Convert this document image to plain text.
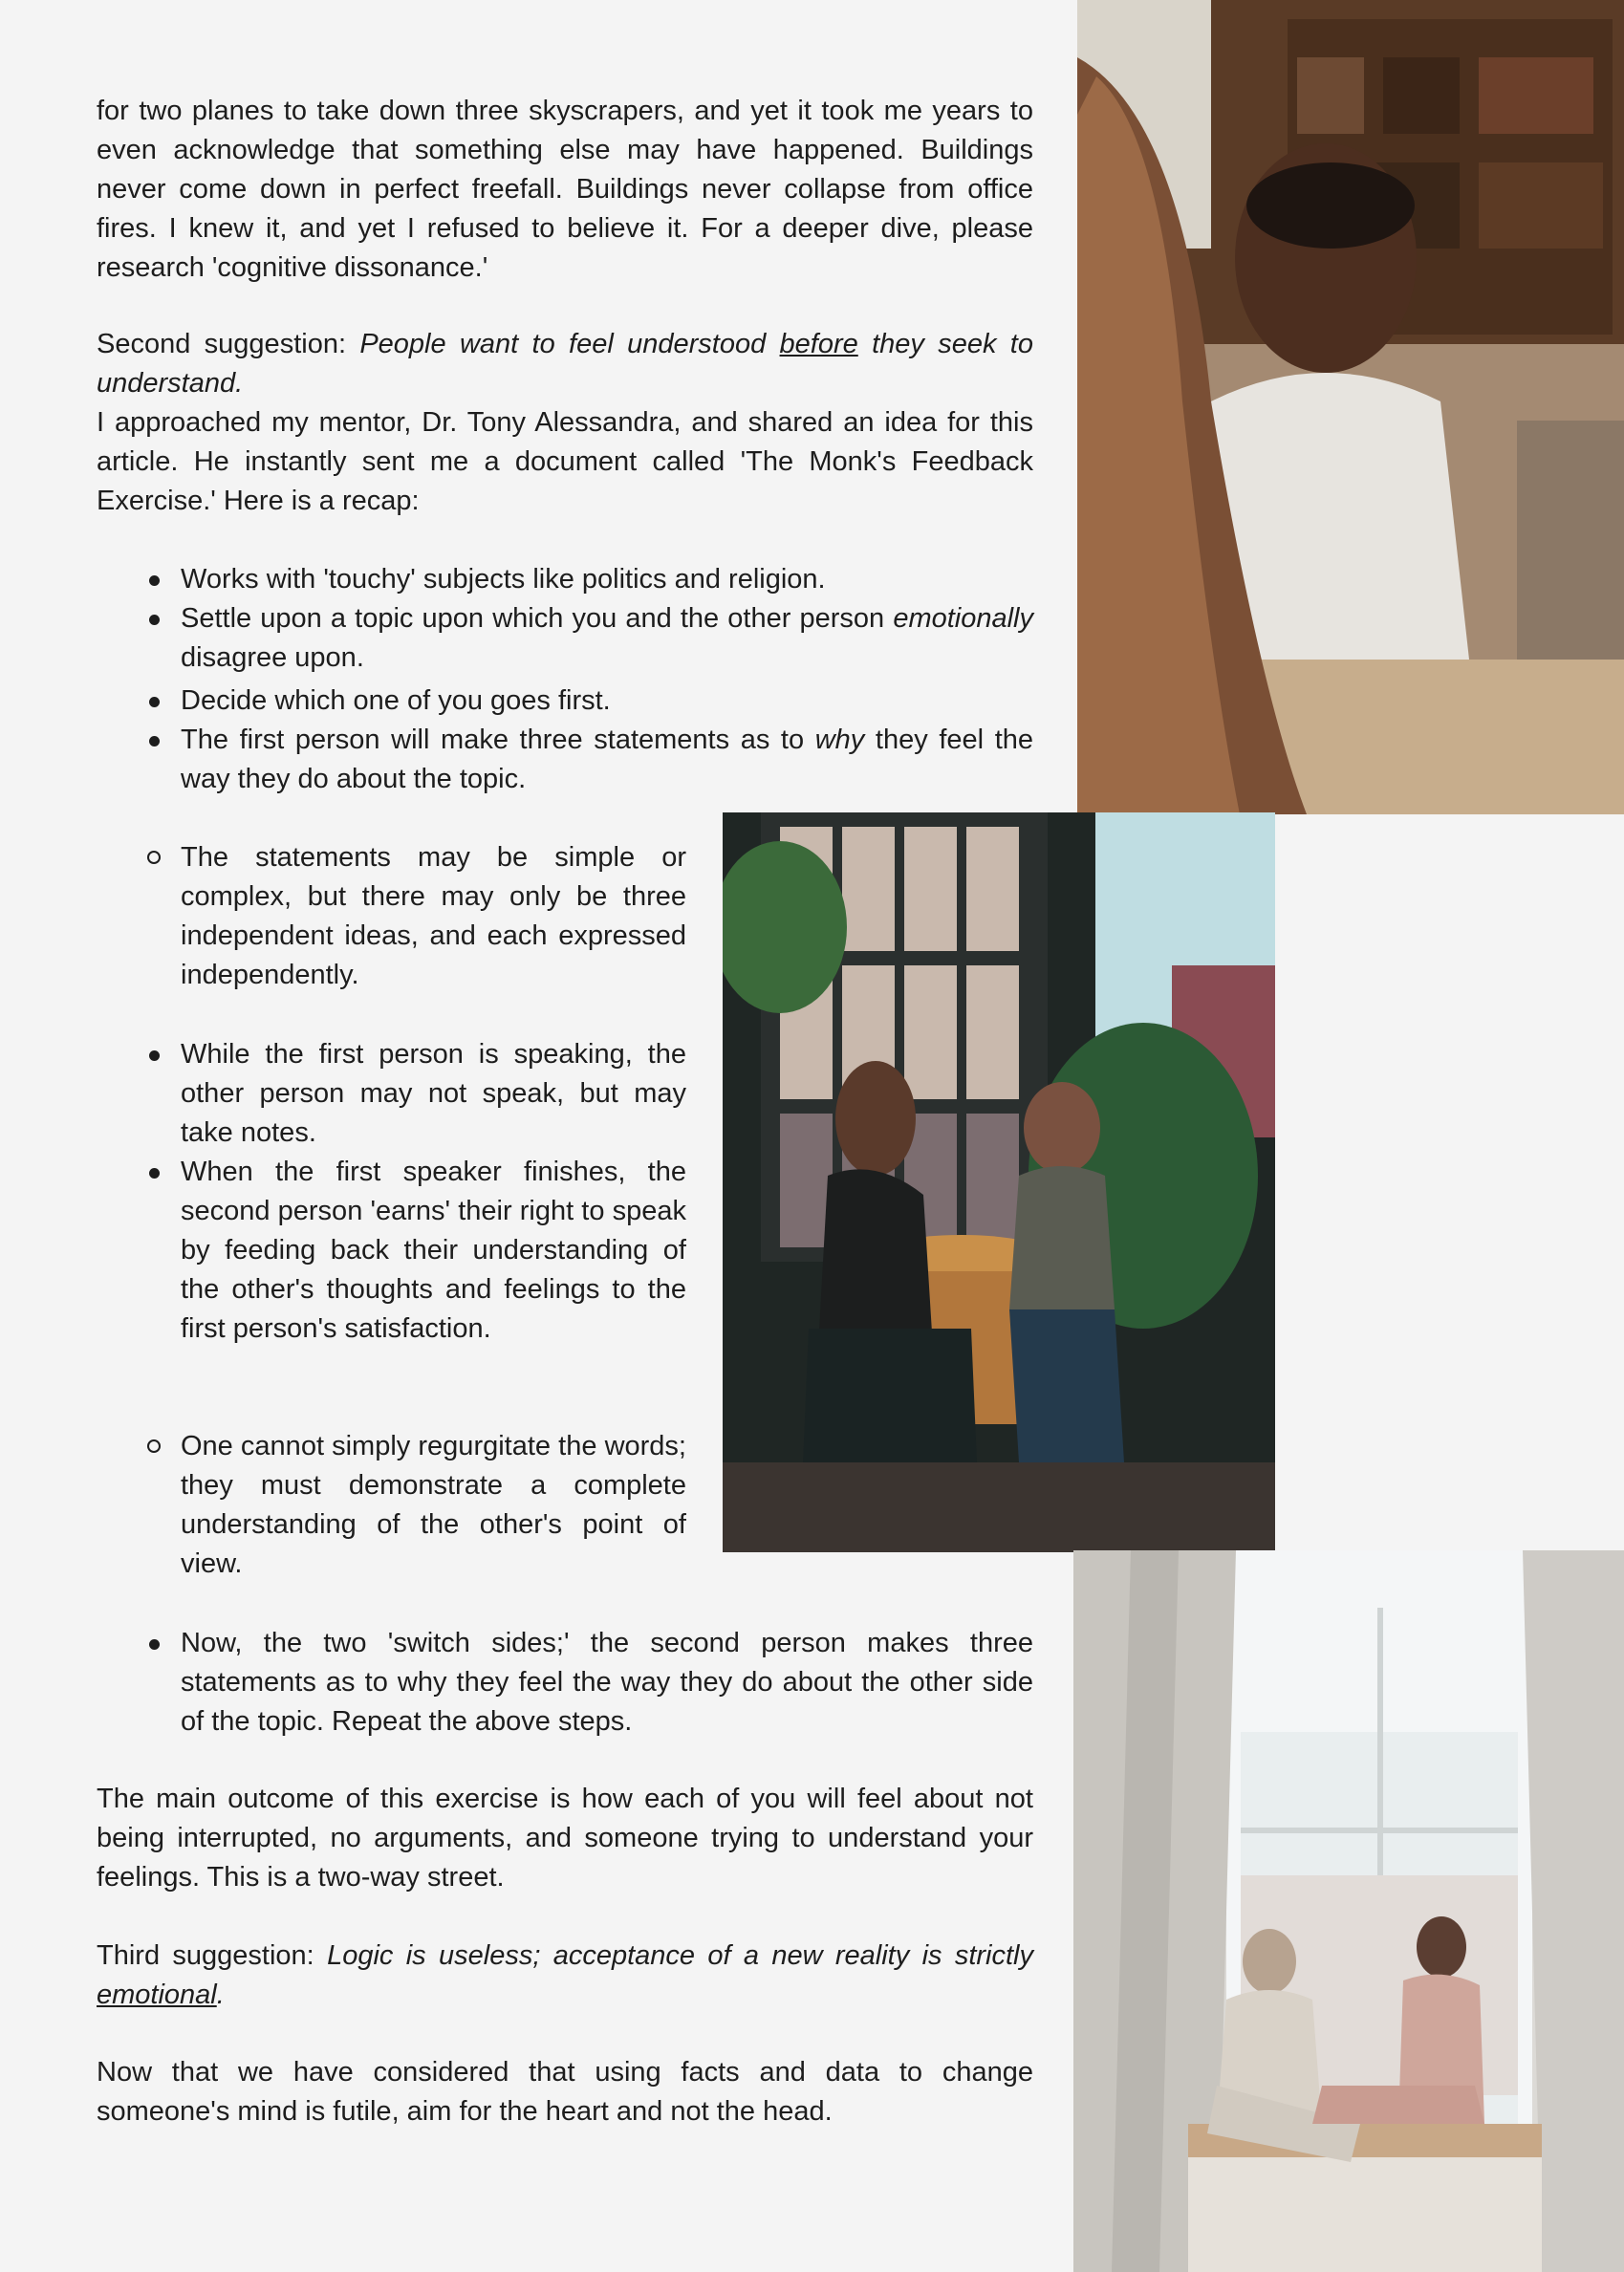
for two planes to take down three skyscrapers, and yet it took me years to even acknowledge that something else may have happened. Buildings never come down in perfect freefall. Buildings never collapse from office fires. I knew it, and yet I refused to believe it. For a deeper dive, please research 'cognitive dissonance.'

Second suggestion: People want to feel understood before they seek to understand.

I approached my mentor, Dr. Tony Alessandra, and shared an idea for this article. He instantly sent me a document called 'The Monk's Feedback Exercise.' Here is a recap:

Works with 'touchy' subjects like politics and religion.
Settle upon a topic upon which you and the other person emotionally disagree upon.
Decide which one of you goes first.
The first person will make three statements as to why they feel the way they do about the topic.
The statements may be simple or complex, but there may only be three independent ideas, and each expressed independently.
While the first person is speaking, the other person may not speak, but may take notes.
When the first speaker finishes, the second person 'earns' their right to speak by feeding back their understanding of the other's thoughts and feelings to the first person's satisfaction.
One cannot simply regurgitate the words; they must demonstrate a complete understanding of the other's point of view.
Now, the two 'switch sides;' the second person makes three statements as to why they feel the way they do about the other side of the topic. Repeat the above steps.

The main outcome of this exercise is how each of you will feel about not being interrupted, no arguments, and someone trying to understand your feelings. This is a two-way street.

Third suggestion: Logic is useless; acceptance of a new reality is strictly emotional.

Now that we have considered that using facts and data to change someone's mind is futile, aim for the heart and not the head.
